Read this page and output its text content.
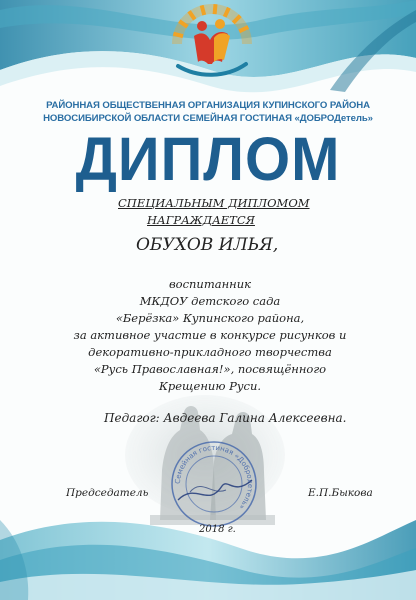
РАЙОННАЯ ОБЩЕСТВЕННАЯ ОРГАНИЗАЦИЯ КУПИНСКОГО РАЙОНА НОВОСИБИРСКОЙ ОБЛАСТИ СЕМЕЙНАЯ ГОСТИНАЯ «ДОБРОДетель»
ДИПЛОМ
СПЕЦИАЛЬНЫМ ДИПЛОМОМ
НАГРАЖДАЕТСЯ
ОБУХОВ ИЛЬЯ,
воспитанник
МКДОУ детского сада
«Берёзка» Купинского района,
за активное участие в конкурсе рисунков и
декоративно-прикладного творчества
«Русь Православная!», посвящённого
Крещению Руси.
Педагог: Авдеева Галина Алексеевна.
Семейная гостиная «Добродетель»
Председатель	Е.П.Быкова
2018 г.
